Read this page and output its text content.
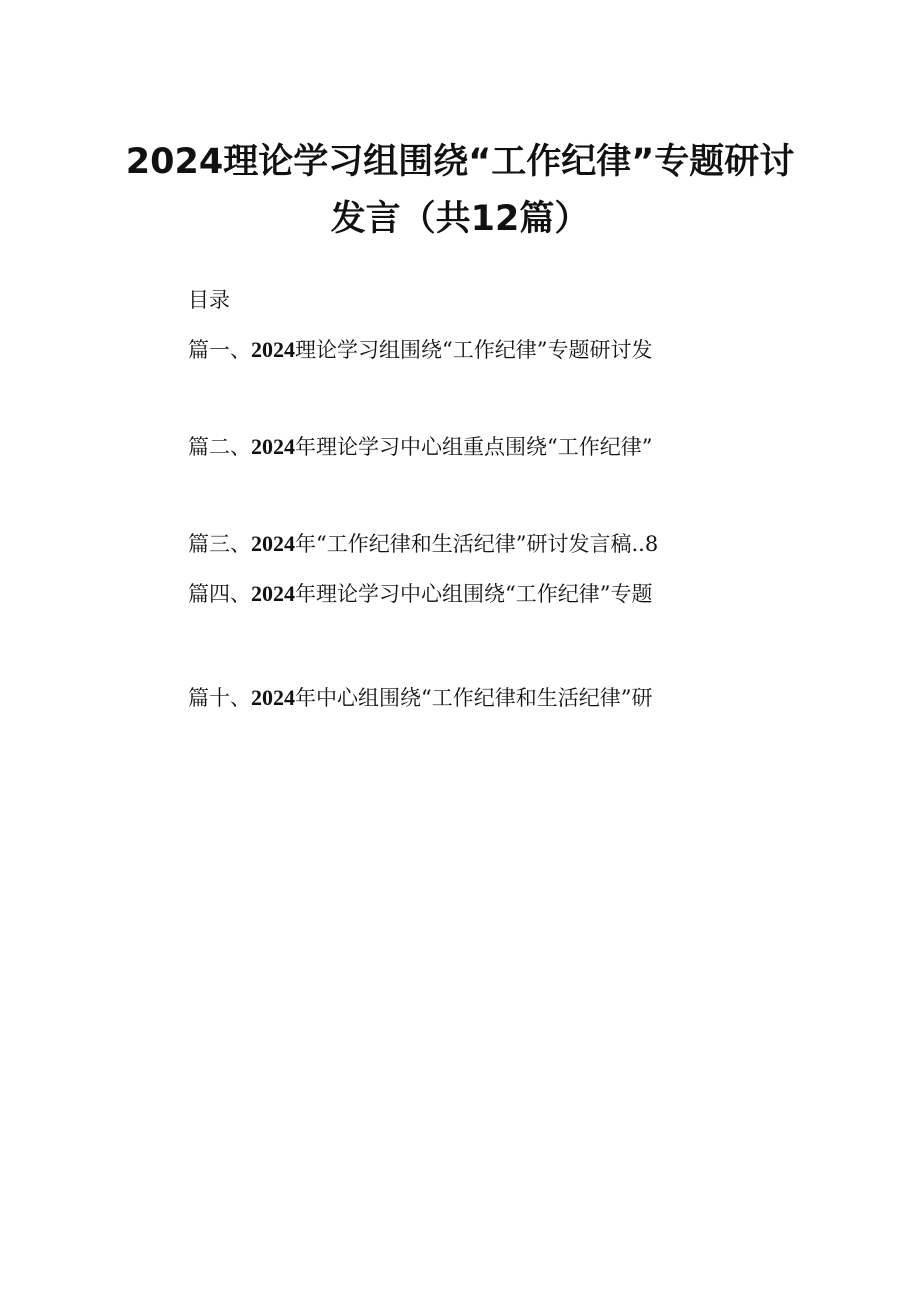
2024理论学习组围绕“工作纪律”专题研讨
发言（共12篇）
目录
篇一、2024理论学习组围绕“工作纪律”专题研讨发
篇二、2024年理论学习中心组重点围绕“工作纪律”
篇三、2024年“工作纪律和生活纪律”研讨发言稿..8
篇四、2024年理论学习中心组围绕“工作纪律”专题
篇十、2024年中心组围绕“工作纪律和生活纪律”研
